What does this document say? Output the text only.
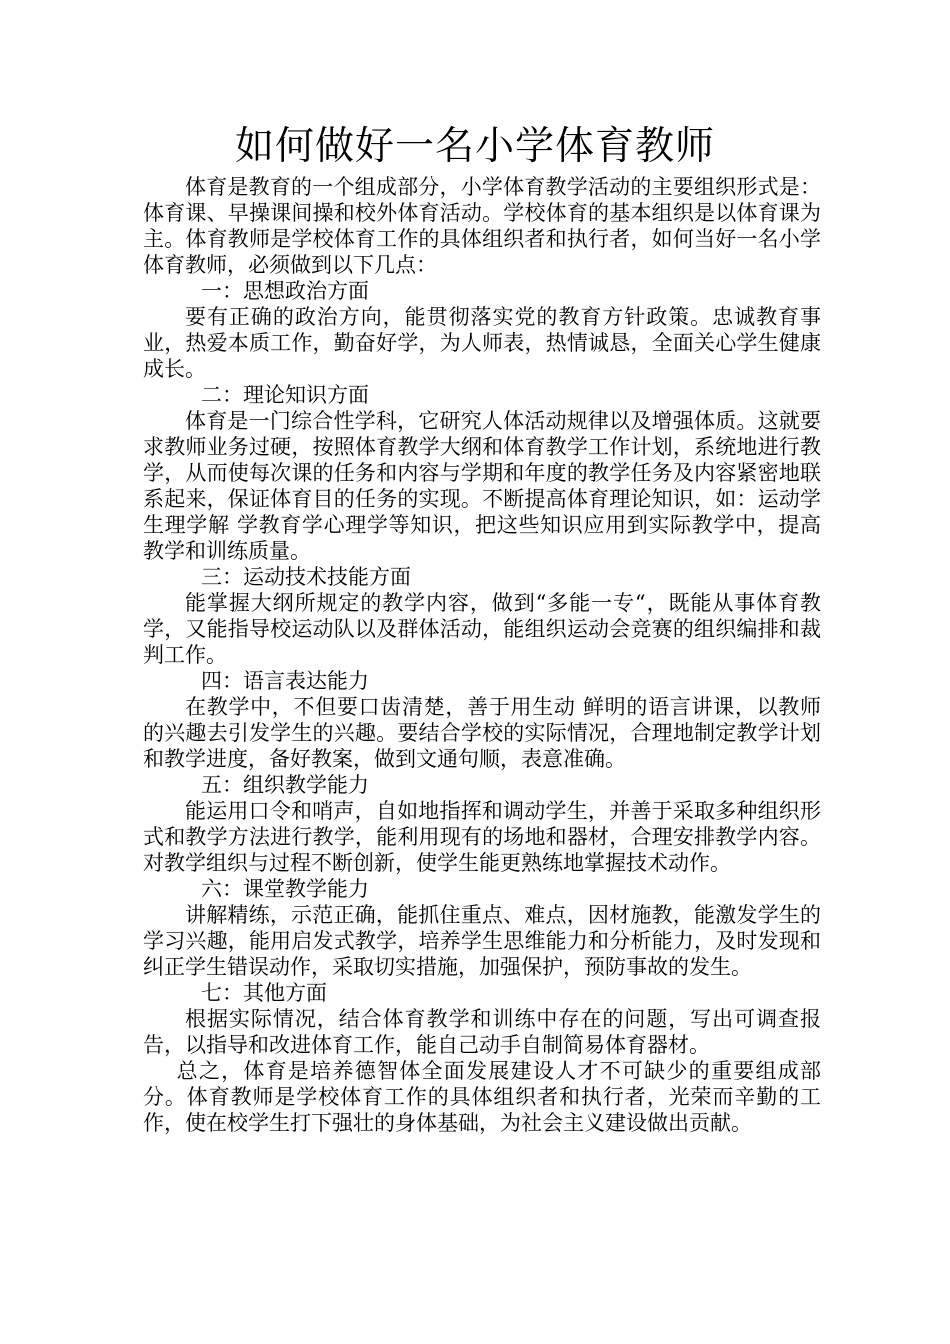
如何做好一名小学体育教师

体育是教育的一个组成部分，小学体育教学活动的主要组织形式是：体育课、早操课间操和校外体育活动。学校体育的基本组织是以体育课为主。体育教师是学校体育工作的具体组织者和执行者，如何当好一名小学体育教师，必须做到以下几点：

一：思想政治方面

要有正确的政治方向，能贯彻落实党的教育方针政策。忠诚教育事业，热爱本质工作，勤奋好学，为人师表，热情诚恳，全面关心学生健康成长。

二：理论知识方面

体育是一门综合性学科，它研究人体活动规律以及增强体质。这就要求教师业务过硬，按照体育教学大纲和体育教学工作计划，系统地进行教学，从而使每次课的任务和内容与学期和年度的教学任务及内容紧密地联系起来，保证体育目的任务的实现。不断提高体育理论知识，如：运动学生理学解 学教育学心理学等知识，把这些知识应用到实际教学中，提高教学和训练质量。

三：运动技术技能方面

能掌握大纲所规定的教学内容，做到“多能一专“，既能从事体育教学，又能指导校运动队以及群体活动，能组织运动会竞赛的组织编排和裁判工作。

四：语言表达能力

在教学中，不但要口齿清楚，善于用生动 鲜明的语言讲课，以教师的兴趣去引发学生的兴趣。要结合学校的实际情况，合理地制定教学计划和教学进度，备好教案，做到文通句顺，表意准确。

五：组织教学能力

能运用口令和哨声，自如地指挥和调动学生，并善于采取多种组织形式和教学方法进行教学，能利用现有的场地和器材，合理安排教学内容。对教学组织与过程不断创新，使学生能更熟练地掌握技术动作。

六：课堂教学能力

讲解精练，示范正确，能抓住重点、难点，因材施教，能激发学生的学习兴趣，能用启发式教学，培养学生思维能力和分析能力，及时发现和纠正学生错误动作，采取切实措施，加强保护，预防事故的发生。

七：其他方面

根据实际情况，结合体育教学和训练中存在的问题，写出可调查报告，以指导和改进体育工作，能自己动手自制简易体育器材。

总之，体育是培养德智体全面发展建设人才不可缺少的重要组成部分。体育教师是学校体育工作的具体组织者和执行者，光荣而辛勤的工作，使在校学生打下强壮的身体基础，为社会主义建设做出贡献。
